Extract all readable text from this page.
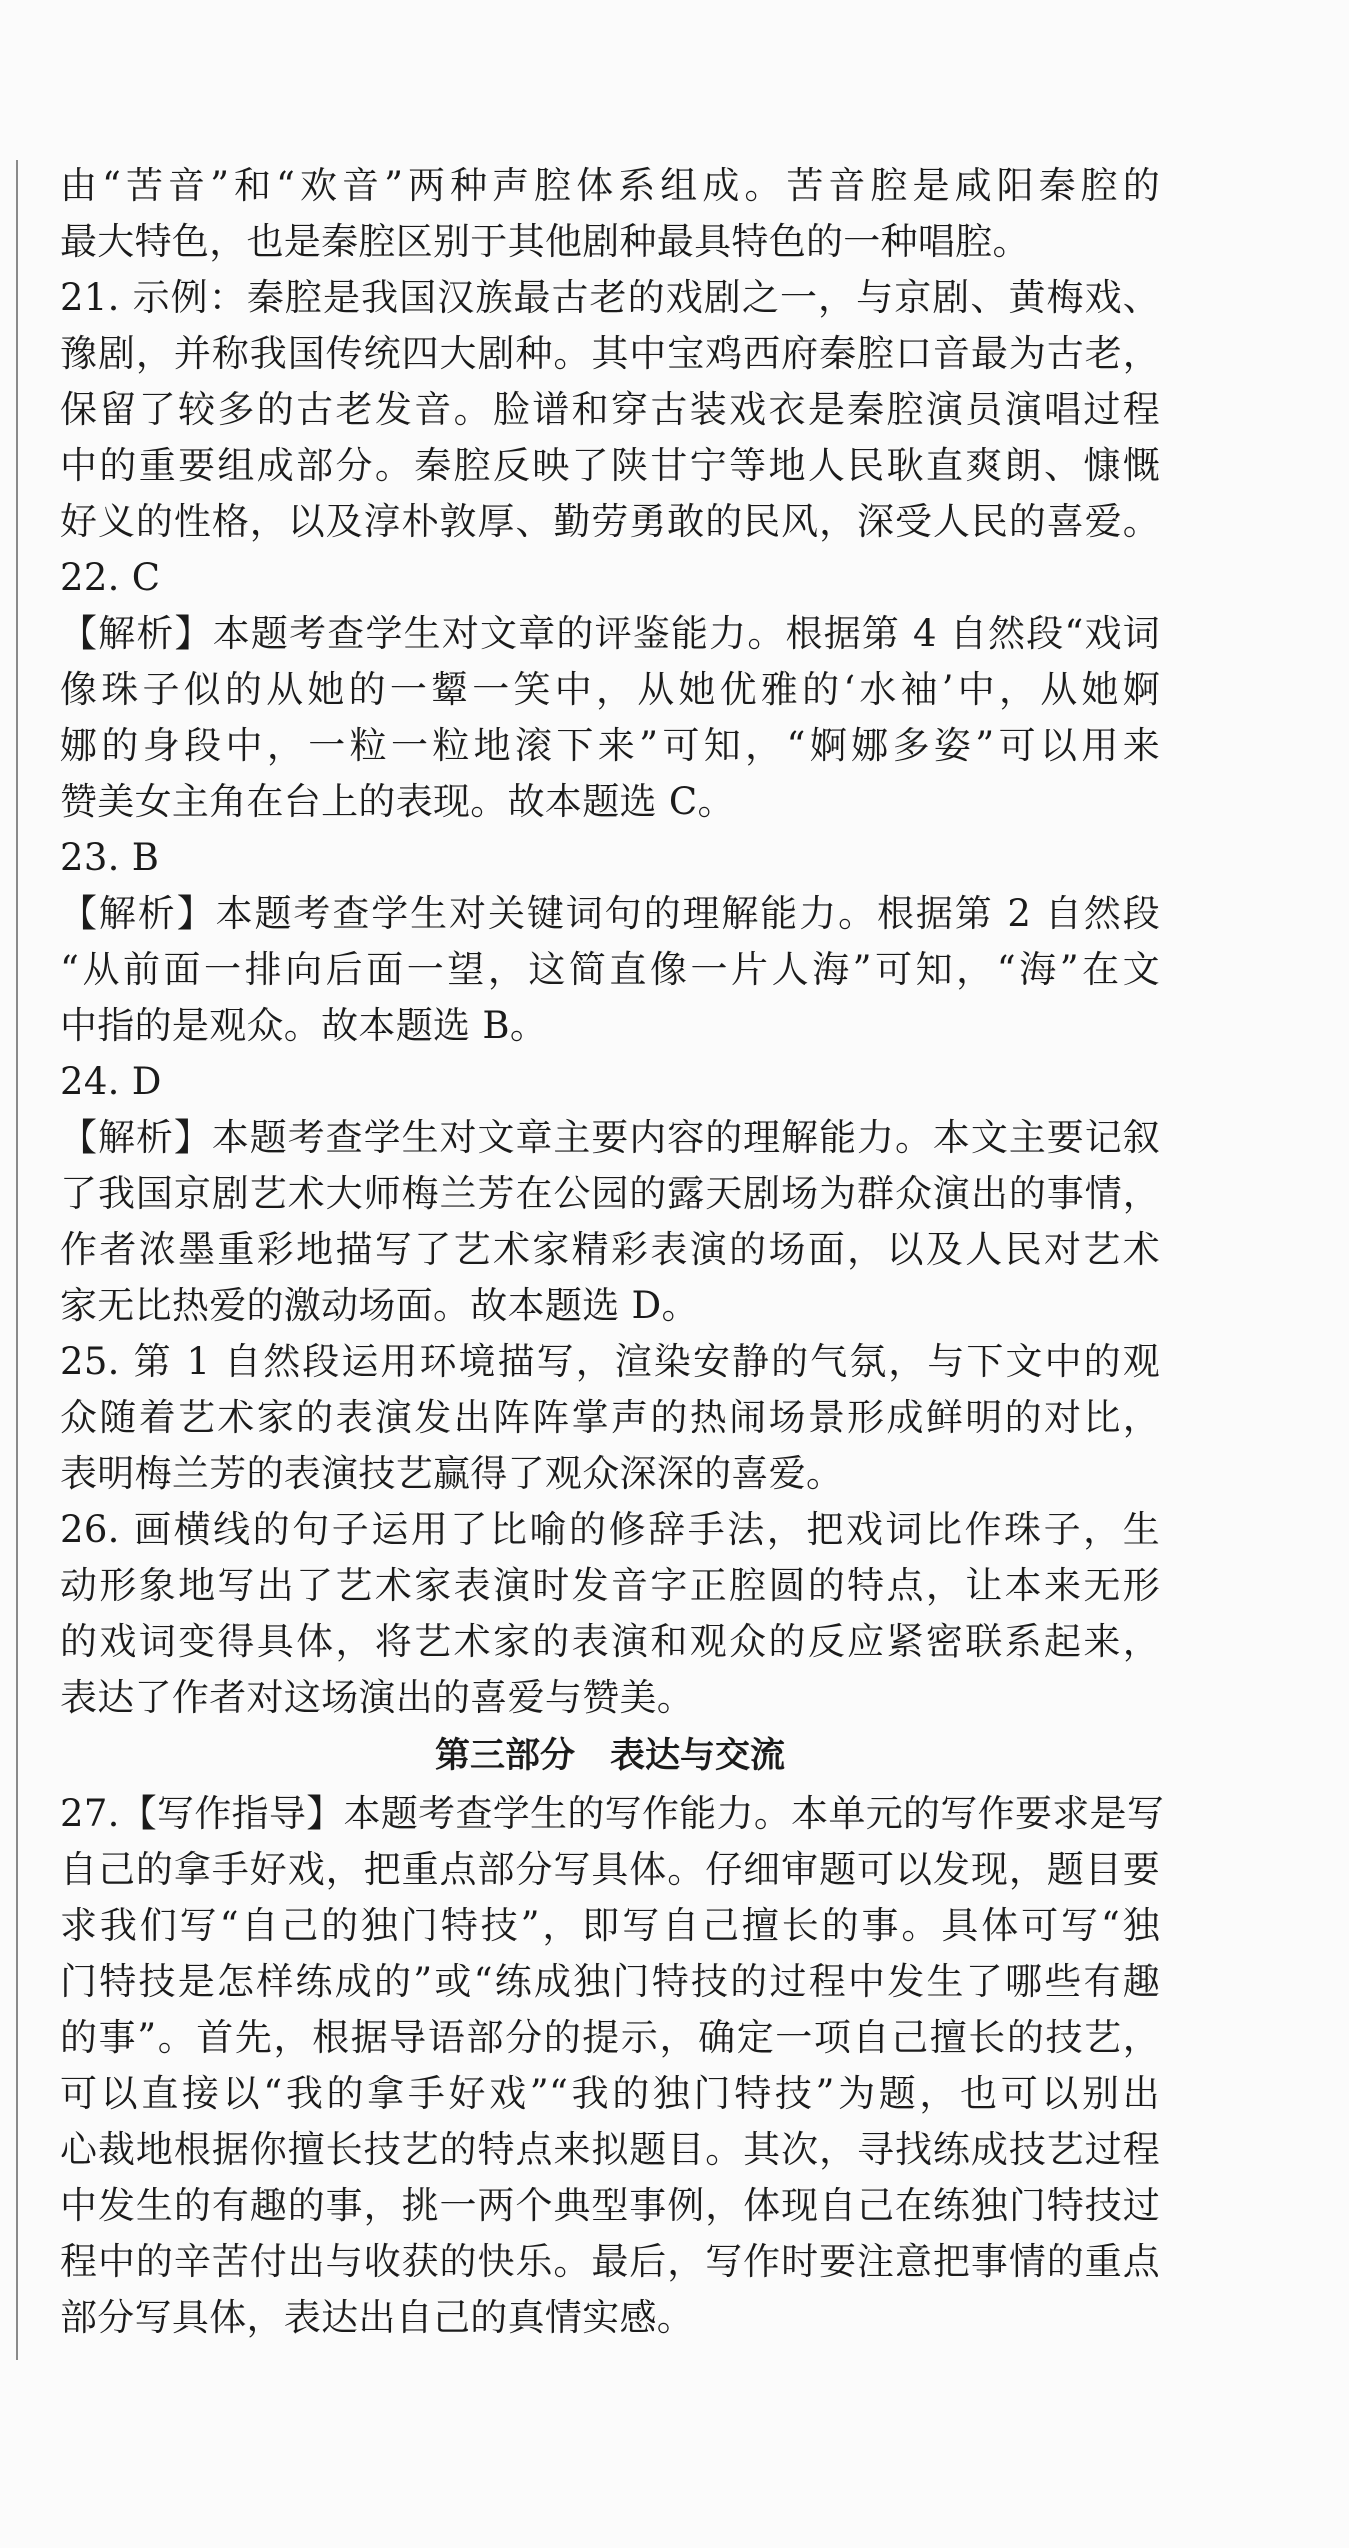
由“苦音”和“欢音”两种声腔体系组成。苦音腔是咸阳秦腔的
最大特色，也是秦腔区别于其他剧种最具特色的一种唱腔。
21. 示例：秦腔是我国汉族最古老的戏剧之一，与京剧、黄梅戏、
豫剧，并称我国传统四大剧种。其中宝鸡西府秦腔口音最为古老，
保留了较多的古老发音。脸谱和穿古装戏衣是秦腔演员演唱过程
中的重要组成部分。秦腔反映了陕甘宁等地人民耿直爽朗、慷慨
好义的性格，以及淳朴敦厚、勤劳勇敢的民风，深受人民的喜爱。
22. C
【解析】本题考查学生对文章的评鉴能力。根据第 4 自然段“戏词
像珠子似的从她的一颦一笑中，从她优雅的‘水袖’中，从她婀
娜的身段中，一粒一粒地滚下来”可知，“婀娜多姿”可以用来
赞美女主角在台上的表现。故本题选 C。
23. B
【解析】本题考查学生对关键词句的理解能力。根据第 2 自然段
“从前面一排向后面一望，这简直像一片人海”可知，“海”在文
中指的是观众。故本题选 B。
24. D
【解析】本题考查学生对文章主要内容的理解能力。本文主要记叙
了我国京剧艺术大师梅兰芳在公园的露天剧场为群众演出的事情，
作者浓墨重彩地描写了艺术家精彩表演的场面，以及人民对艺术
家无比热爱的激动场面。故本题选 D。
25. 第 1 自然段运用环境描写，渲染安静的气氛，与下文中的观
众随着艺术家的表演发出阵阵掌声的热闹场景形成鲜明的对比，
表明梅兰芳的表演技艺赢得了观众深深的喜爱。
26. 画横线的句子运用了比喻的修辞手法，把戏词比作珠子，生
动形象地写出了艺术家表演时发音字正腔圆的特点，让本来无形
的戏词变得具体，将艺术家的表演和观众的反应紧密联系起来，
表达了作者对这场演出的喜爱与赞美。
第三部分　表达与交流
27.【写作指导】本题考查学生的写作能力。本单元的写作要求是写
自己的拿手好戏，把重点部分写具体。仔细审题可以发现，题目要
求我们写“自己的独门特技”，即写自己擅长的事。具体可写“独
门特技是怎样练成的”或“练成独门特技的过程中发生了哪些有趣
的事”。首先，根据导语部分的提示，确定一项自己擅长的技艺，
可以直接以“我的拿手好戏”“我的独门特技”为题，也可以别出
心裁地根据你擅长技艺的特点来拟题目。其次，寻找练成技艺过程
中发生的有趣的事，挑一两个典型事例，体现自己在练独门特技过
程中的辛苦付出与收获的快乐。最后，写作时要注意把事情的重点
部分写具体，表达出自己的真情实感。
